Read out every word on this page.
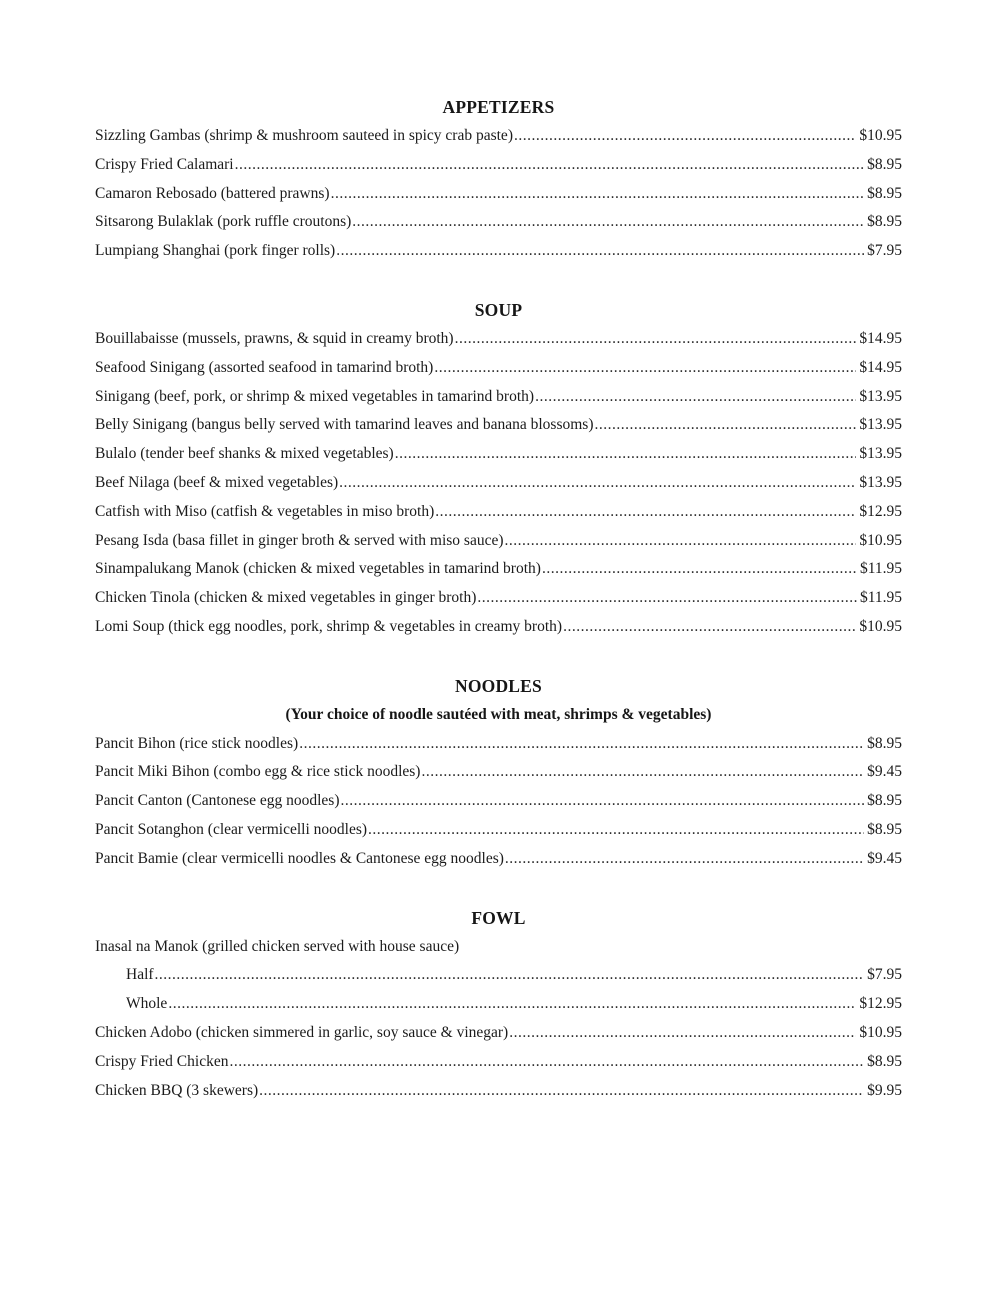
APPETIZERS
Sizzling Gambas (shrimp & mushroom sauteed in spicy crab paste) .....	$10.95
Crispy Fried Calamari .....	$8.95
Camaron Rebosado (battered prawns) .....	$8.95
Sitsarong Bulaklak (pork ruffle croutons) .....	$8.95
Lumpiang Shanghai (pork finger rolls) .....	$7.95
SOUP
Bouillabaisse (mussels, prawns, & squid in creamy broth) .....	$14.95
Seafood Sinigang (assorted seafood in tamarind broth) .....	$14.95
Sinigang (beef, pork, or shrimp & mixed vegetables in tamarind broth) .....	$13.95
Belly Sinigang (bangus belly served with tamarind leaves and banana blossoms) .....	$13.95
Bulalo (tender beef shanks & mixed vegetables) .....	$13.95
Beef Nilaga (beef & mixed vegetables) .....	$13.95
Catfish with Miso (catfish & vegetables in miso broth) .....	$12.95
Pesang Isda (basa fillet in ginger broth & served with miso sauce) .....	$10.95
Sinampalukang Manok (chicken & mixed vegetables in tamarind broth) .....	$11.95
Chicken Tinola (chicken & mixed vegetables in ginger broth) .....	$11.95
Lomi Soup (thick egg noodles, pork, shrimp & vegetables in creamy broth) .....	$10.95
NOODLES

(Your choice of noodle sautéed with meat, shrimps & vegetables)

Pancit Bihon (rice stick noodles) .....	$8.95
Pancit Miki Bihon (combo egg & rice stick noodles) .....	$9.45
Pancit Canton (Cantonese egg noodles) .....	$8.95
Pancit Sotanghon (clear vermicelli noodles) .....	$8.95
Pancit Bamie (clear vermicelli noodles & Cantonese egg noodles) .....	$9.45
FOWL
Inasal na Manok (grilled chicken served with house sauce)
Half .....	$7.95
Whole .....	$12.95
Chicken Adobo (chicken simmered in garlic, soy sauce & vinegar) .....	$10.95
Crispy Fried Chicken .....	$8.95
Chicken BBQ (3 skewers) .....	$9.95
